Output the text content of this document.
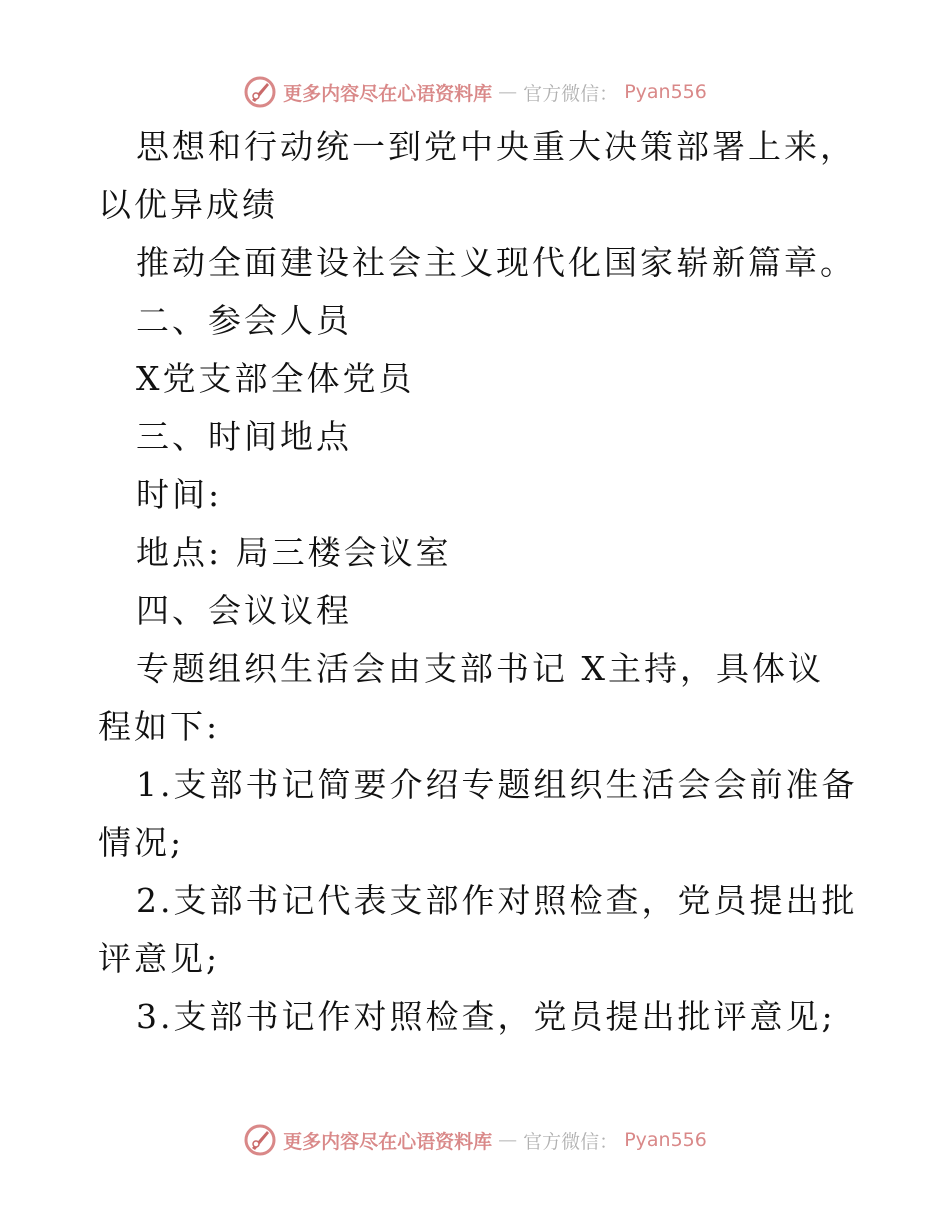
更多内容尽在心语资料库 — 官方微信： Pyan556

思想和行动统一到党中央重大决策部署上来，以优异成绩

推动全面建设社会主义现代化国家崭新篇章。

二、参会人员

X党支部全体党员

三、时间地点

时间:

地点: 局三楼会议室

四、会议议程

专题组织生活会由支部书记 X主持，具体议程如下:

1.支部书记简要介绍专题组织生活会会前准备情况;

2.支部书记代表支部作对照检查，党员提出批评意见;

3.支部书记作对照检查，党员提出批评意见;

更多内容尽在心语资料库 — 官方微信： Pyan556
